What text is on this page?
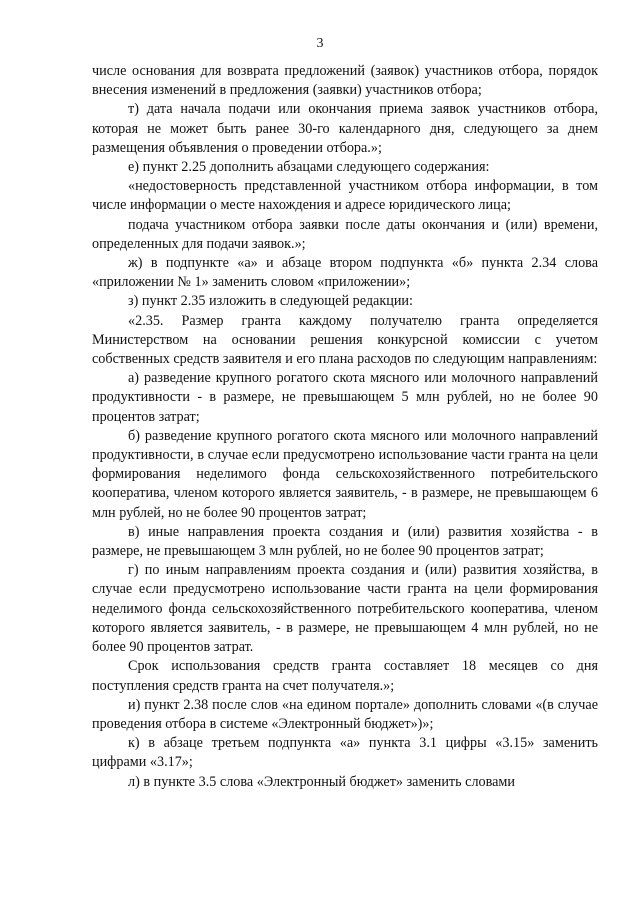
3

числе основания для возврата предложений (заявок) участников отбора, порядок внесения изменений в предложения (заявки) участников отбора;

т) дата начала подачи или окончания приема заявок участников отбора, которая не может быть ранее 30-го календарного дня, следующего за днем размещения объявления о проведении отбора.»;

е) пункт 2.25 дополнить абзацами следующего содержания:

«недостоверность представленной участником отбора информации, в том числе информации о месте нахождения и адресе юридического лица;

подача участником отбора заявки после даты окончания и (или) времени, определенных для подачи заявок.»;

ж) в подпункте «а» и абзаце втором подпункта «б» пункта 2.34 слова «приложении № 1» заменить словом «приложении»;

з) пункт 2.35 изложить в следующей редакции:

«2.35. Размер гранта каждому получателю гранта определяется Министерством на основании решения конкурсной комиссии с учетом собственных средств заявителя и его плана расходов по следующим направлениям:

а) разведение крупного рогатого скота мясного или молочного направлений продуктивности - в размере, не превышающем 5 млн рублей, но не более 90 процентов затрат;

б) разведение крупного рогатого скота мясного или молочного направлений продуктивности, в случае если предусмотрено использование части гранта на цели формирования неделимого фонда сельскохозяйственного потребительского кооператива, членом которого является заявитель, - в размере, не превышающем 6 млн рублей, но не более 90 процентов затрат;

в) иные направления проекта создания и (или) развития хозяйства - в размере, не превышающем 3 млн рублей, но не более 90 процентов затрат;

г) по иным направлениям проекта создания и (или) развития хозяйства, в случае если предусмотрено использование части гранта на цели формирования неделимого фонда сельскохозяйственного потребительского кооператива, членом которого является заявитель, - в размере, не превышающем 4 млн рублей, но не более 90 процентов затрат.

Срок использования средств гранта составляет 18 месяцев со дня поступления средств гранта на счет получателя.»;

и) пункт 2.38 после слов «на едином портале» дополнить словами «(в случае проведения отбора в системе «Электронный бюджет»)»;

к) в абзаце третьем подпункта «а» пункта 3.1 цифры «3.15» заменить цифрами «3.17»;

л) в пункте 3.5 слова «Электронный бюджет» заменить словами
